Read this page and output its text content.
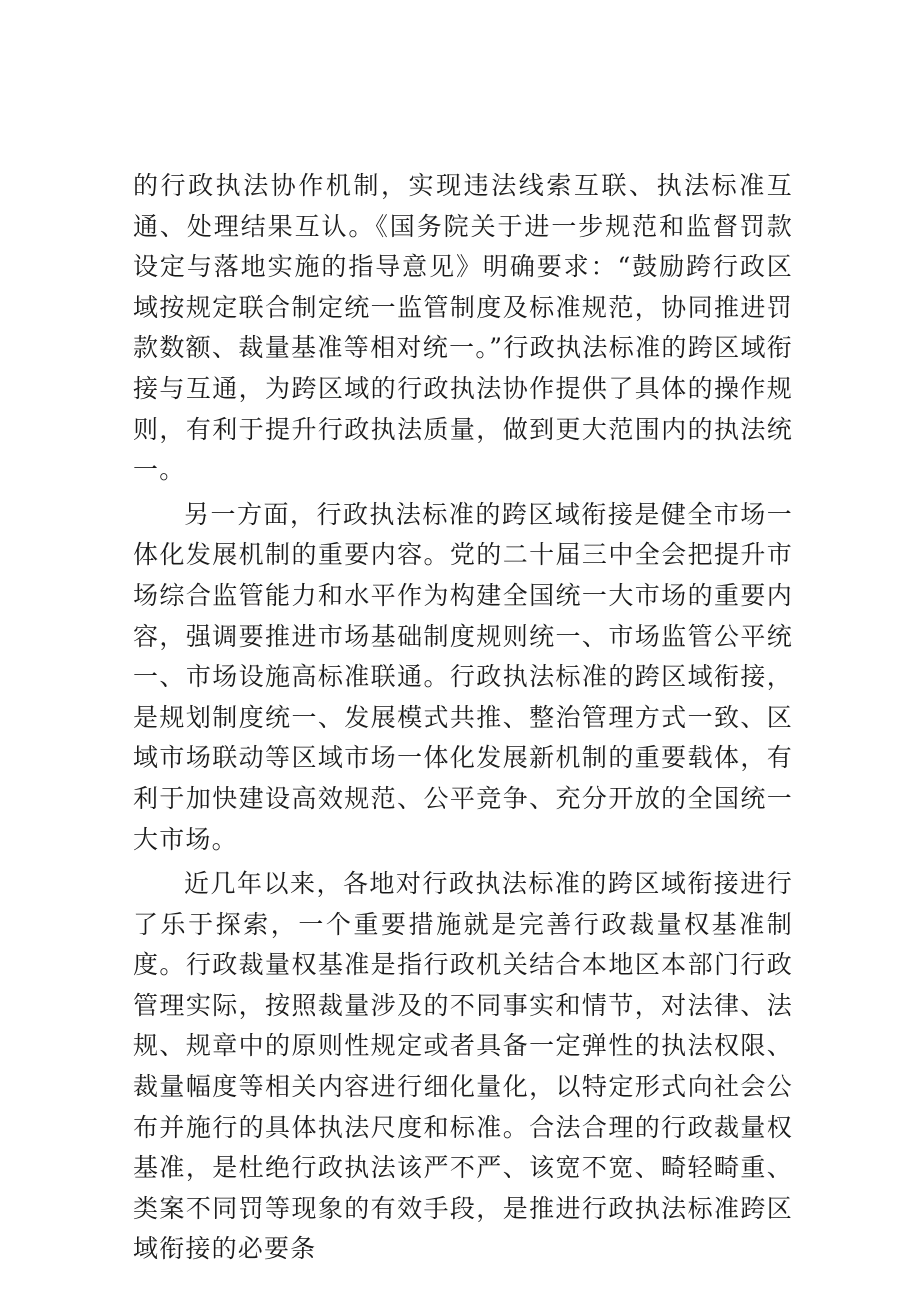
的行政执法协作机制，实现违法线索互联、执法标准互通、处理结果互认。《国务院关于进一步规范和监督罚款设定与落地实施的指导意见》明确要求：“鼓励跨行政区域按规定联合制定统一监管制度及标准规范，协同推进罚款数额、裁量基准等相对统一。”行政执法标准的跨区域衔接与互通，为跨区域的行政执法协作提供了具体的操作规则，有利于提升行政执法质量，做到更大范围内的执法统一。

另一方面，行政执法标准的跨区域衔接是健全市场一体化发展机制的重要内容。党的二十届三中全会把提升市场综合监管能力和水平作为构建全国统一大市场的重要内容，强调要推进市场基础制度规则统一、市场监管公平统一、市场设施高标准联通。行政执法标准的跨区域衔接，是规划制度统一、发展模式共推、整治管理方式一致、区域市场联动等区域市场一体化发展新机制的重要载体，有利于加快建设高效规范、公平竞争、充分开放的全国统一大市场。

近几年以来，各地对行政执法标准的跨区域衔接进行了乐于探索，一个重要措施就是完善行政裁量权基准制度。行政裁量权基准是指行政机关结合本地区本部门行政管理实际，按照裁量涉及的不同事实和情节，对法律、法规、规章中的原则性规定或者具备一定弹性的执法权限、裁量幅度等相关内容进行细化量化，以特定形式向社会公布并施行的具体执法尺度和标准。合法合理的行政裁量权基准，是杜绝行政执法该严不严、该宽不宽、畸轻畸重、类案不同罚等现象的有效手段，是推进行政执法标准跨区域衔接的必要条
